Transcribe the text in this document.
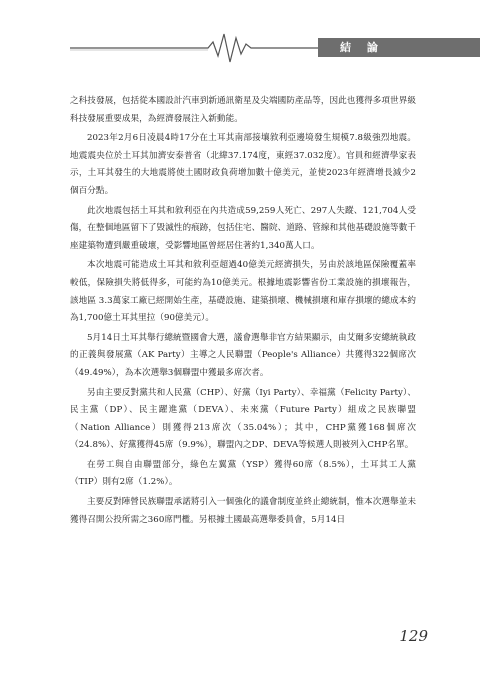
結 論

之科技發展，包括從本國設計汽車到新通訊衛星及尖端國防產品等，因此也獲得多項世界級科技發展重要成果，為經濟發展注入新動能。

2023年2月6日凌晨4時17分在土耳其南部接壤敘利亞邊境發生規模7.8級強烈地震。地震震央位於土耳其加濟安泰普省（北緯37.174度，東經37.032度）。官員和經濟學家表示，土耳其發生的大地震將使土國財政負荷增加數十億美元，並使2023年經濟增長減少2個百分點。

此次地震包括土耳其和敘利亞在內共造成59,259人死亡、297人失蹤、121,704人受傷，在整個地區留下了毀滅性的痕跡，包括住宅、醫院、道路、管線和其他基礎設施等數千座建築物遭到嚴重破壞，受影響地區曾經居住著約1,340萬人口。

本次地震可能造成土耳其和敘利亞超過40億美元經濟損失，另由於該地區保險覆蓋率較低，保險損失將低得多，可能約為10億美元。根據地震影響省份工業設施的損壞報告，該地區 3.3萬家工廠已經開始生產，基礎設施、建築損壞、機械損壞和庫存損壞的總成本約為1,700億土耳其里拉（90億美元）。

5月14日土耳其舉行總統暨國會大選，議會選舉非官方結果顯示，由艾爾多安總統執政的正義與發展黨（AK Party）主導之人民聯盟（People's Alliance）共獲得322個席次（49.49%），為本次選舉3個聯盟中獲最多席次者。

另由主要反對黨共和人民黨（CHP）、好黨（Iyi Party）、幸福黨（Felicity Party）、民主黨（DP）、民主躍進黨（DEVA）、未來黨（Future Party）組成之民族聯盟（Nation Alliance）則獲得213席次（35.04%）；其中，CHP黨獲168個席次（24.8%）、好黨獲得45席（9.9%），聯盟內之DP、DEVA等候選人則被列入CHP名單。

在勞工與自由聯盟部分，綠色左翼黨（YSP）獲得60席（8.5%），土耳其工人黨（TIP）則有2席（1.2%）。

主要反對陣營民族聯盟承諾將引入一個強化的議會制度並終止總統制，惟本次選舉並未獲得召開公投所需之360席門檻。另根據土國最高選舉委員會，5月14日

129
